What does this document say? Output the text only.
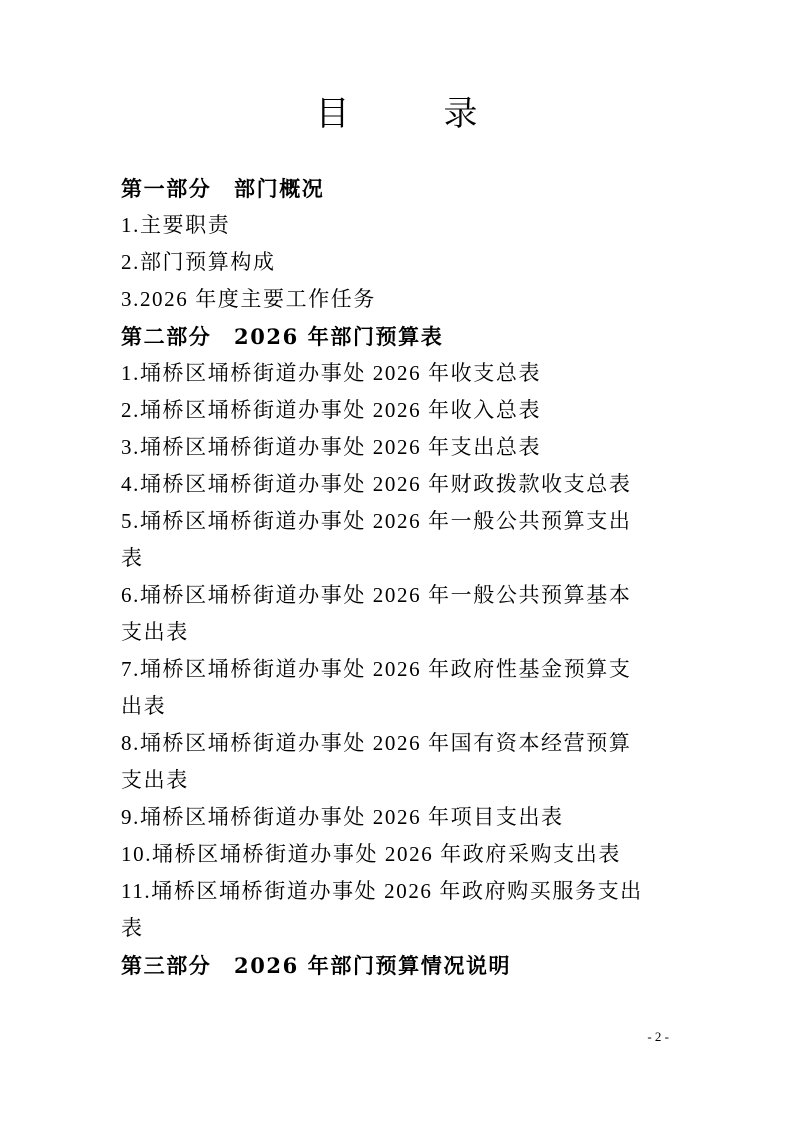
目　录
第一部分　部门概况
1.主要职责
2.部门预算构成
3.2026 年度主要工作任务
第二部分　2026 年部门预算表
1.埇桥区埇桥街道办事处 2026 年收支总表
2.埇桥区埇桥街道办事处 2026 年收入总表
3.埇桥区埇桥街道办事处 2026 年支出总表
4.埇桥区埇桥街道办事处 2026 年财政拨款收支总表
5.埇桥区埇桥街道办事处 2026 年一般公共预算支出
表
6.埇桥区埇桥街道办事处 2026 年一般公共预算基本
支出表
7.埇桥区埇桥街道办事处 2026 年政府性基金预算支
出表
8.埇桥区埇桥街道办事处 2026 年国有资本经营预算
支出表
9.埇桥区埇桥街道办事处 2026 年项目支出表
10.埇桥区埇桥街道办事处 2026 年政府采购支出表
11.埇桥区埇桥街道办事处 2026 年政府购买服务支出
表
第三部分　2026 年部门预算情况说明
- 2 -
